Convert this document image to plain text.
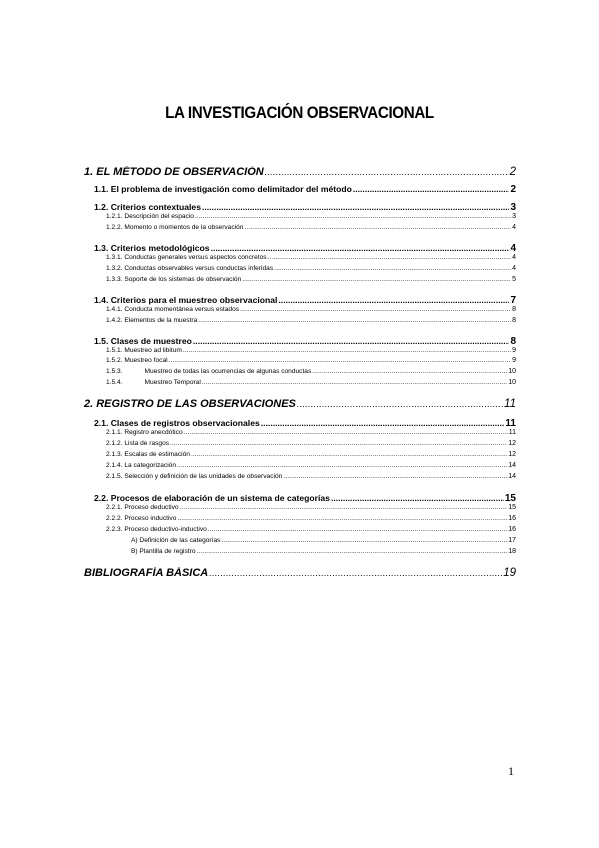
LA INVESTIGACIÓN OBSERVACIONAL
1. EL MÉTODO DE OBSERVACIÓN .....	2
1.1. El problema de investigación como delimitador del método .....	2
1.2. Criterios contextuales .....	3
1.2.1. Descripción del espacio .....	3
1.2.2. Momento o momentos de la observación .....	4
1.3. Criterios metodológicos .....	4
1.3.1. Conductas generales versus aspectos concretos .....	4
1.3.2. Conductas observables versus conductas inferidas .....	4
1.3.3. Soporte de los sistemas de observación .....	5
1.4. Criterios para el muestreo observacional .....	7
1.4.1. Conducta momentánea versus estados .....	8
1.4.2. Elementos de la muestra .....	8
1.5. Clases de muestreo .....	8
1.5.1. Muestreo ad libitum .....	9
1.5.2. Muestreo focal .....	9
1.5.3.	Muestreo de todas las ocurrencias de algunas conductas .....	10
1.5.4.	Muestreo Temporal .....	10
2. REGISTRO DE LAS OBSERVACIONES .....	11
2.1. Clases de registros observacionales .....	11
2.1.1. Registro anecdótico .....	11
2.1.2. Lista de rasgos .....	12
2.1.3. Escalas de estimación .....	12
2.1.4. La categorización .....	14
2.1.5. Selección y definición de las unidades de observación .....	14
2.2. Procesos de elaboración de un sistema de categorías .....	15
2.2.1. Proceso deductivo .....	15
2.2.2. Proceso inductivo .....	16
2.2.3. Proceso deductivo-inductivo .....	16
A) Definición de las categorías .....	17
B) Plantilla de registro .....	18
BIBLIOGRAFÍA BÁSICA .....	19
1
